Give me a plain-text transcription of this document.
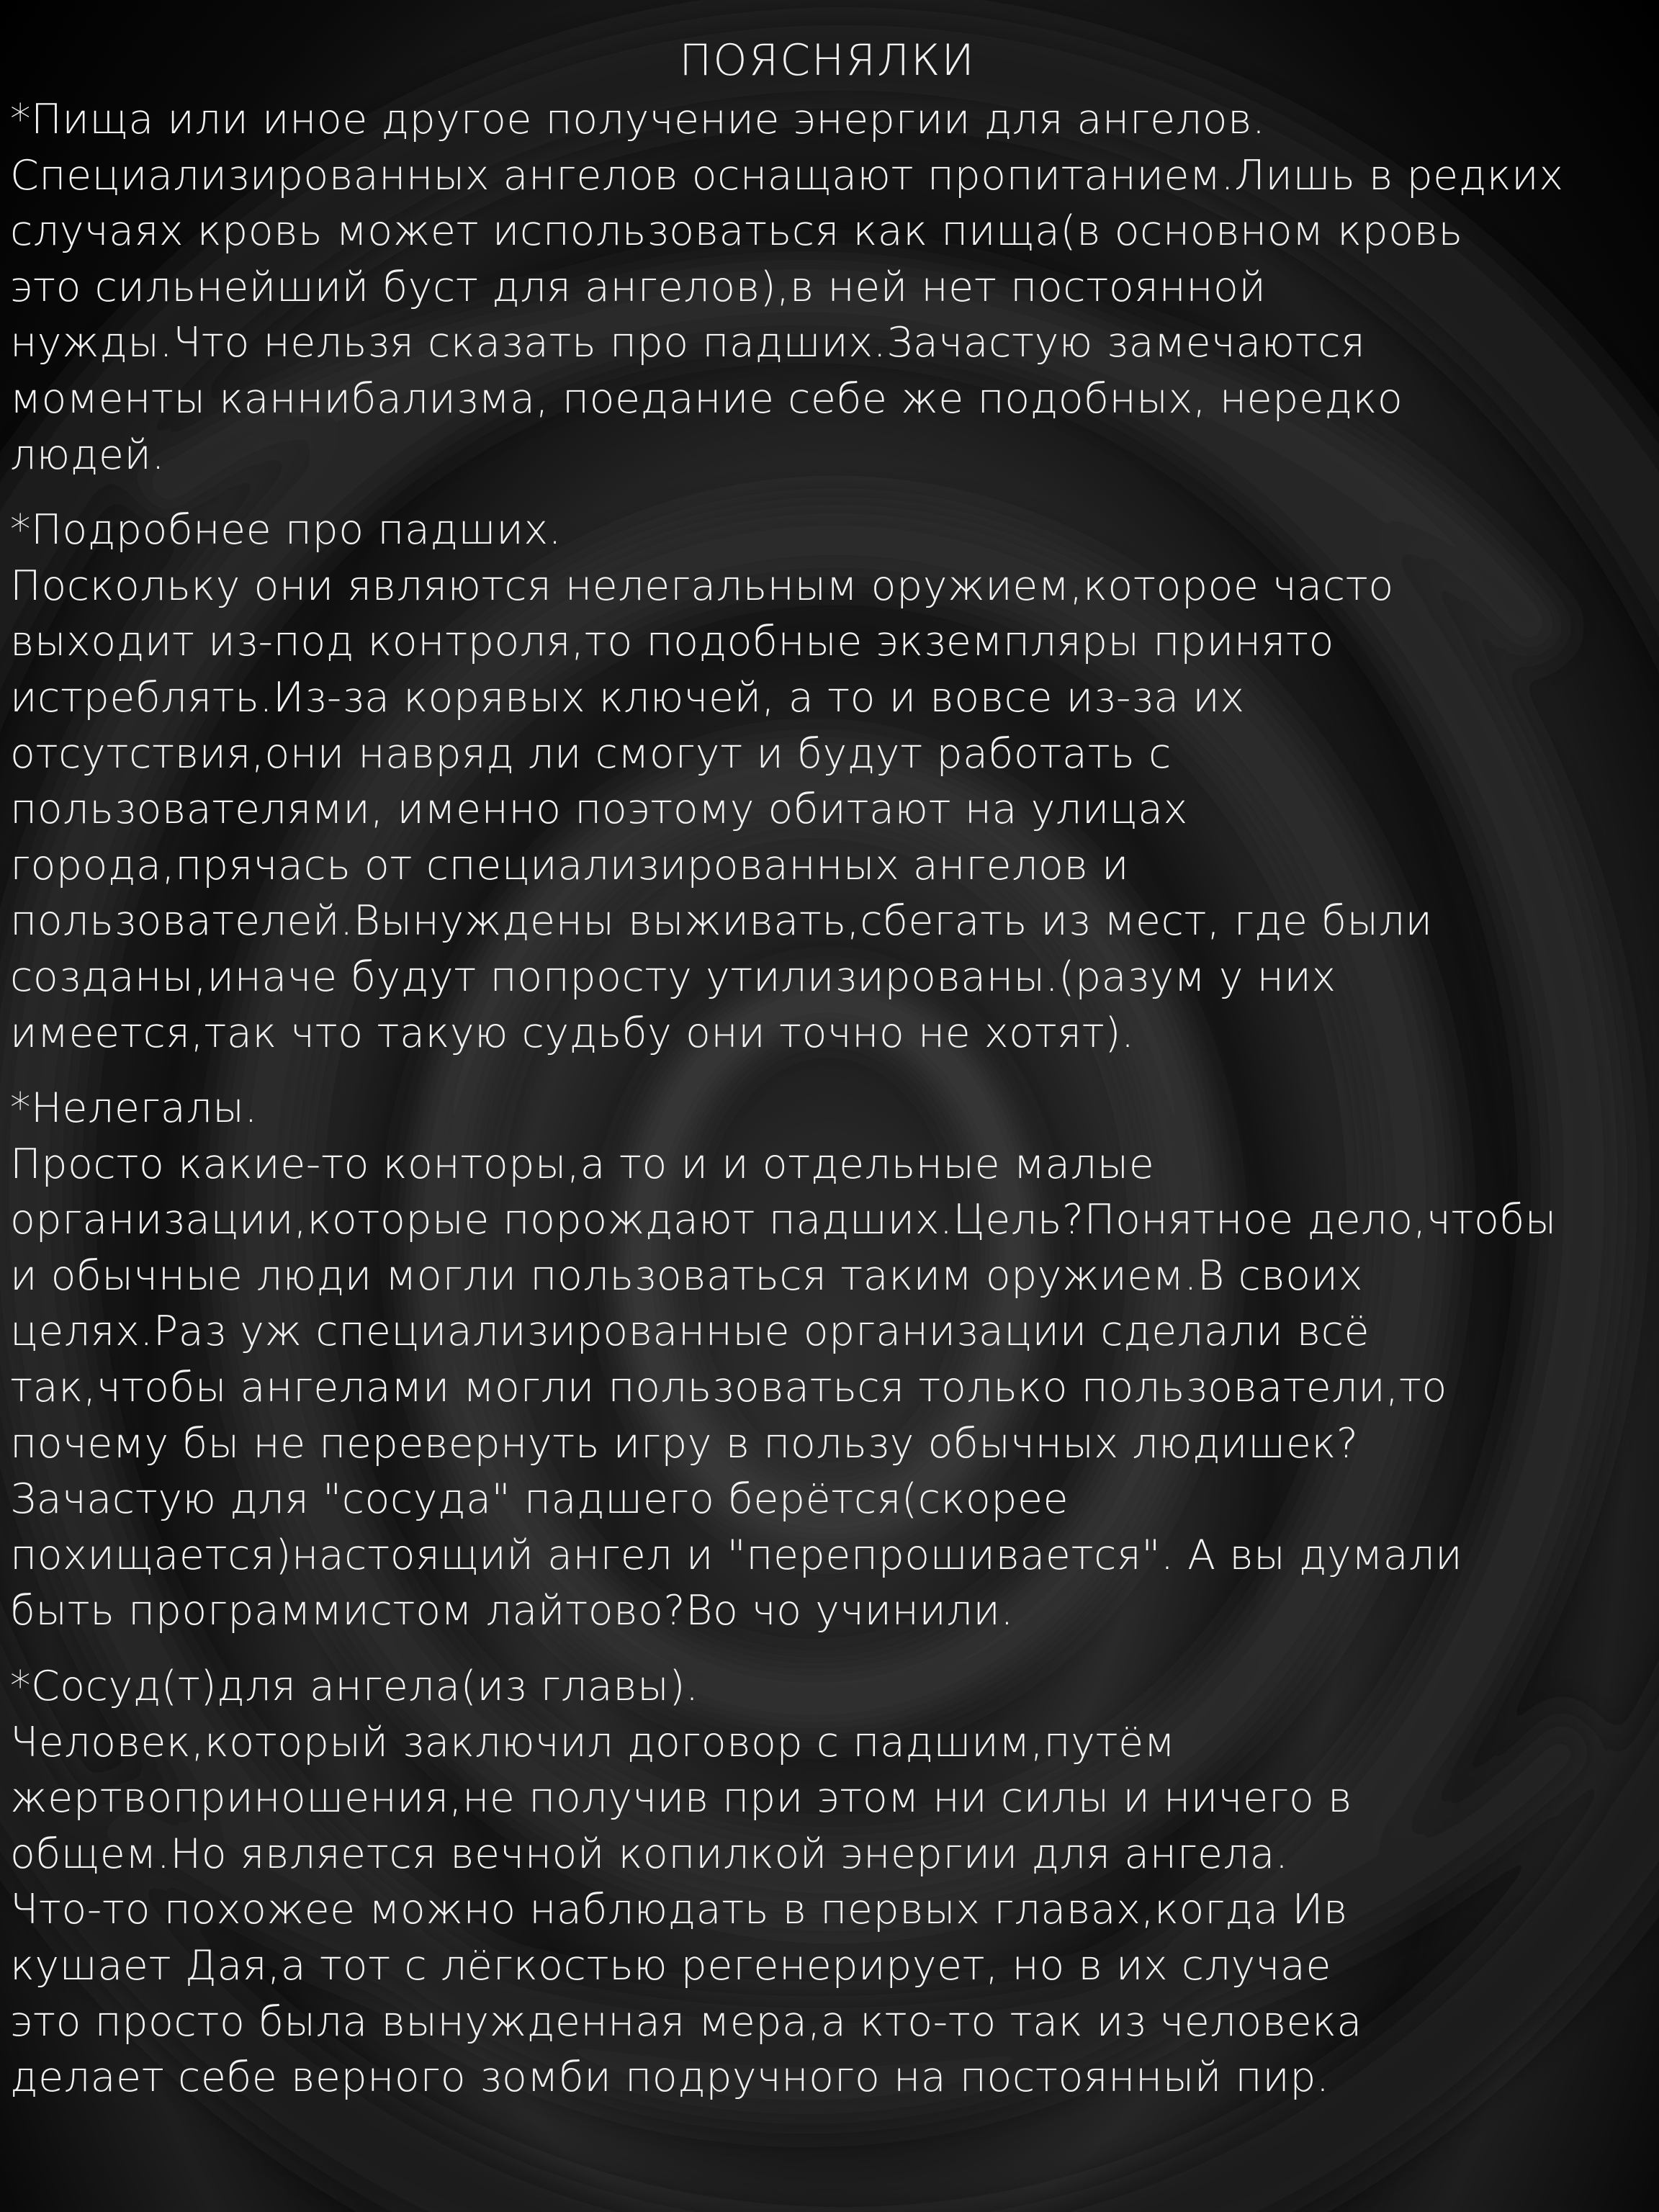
ПОЯСНЯЛКИ
*Пища или иное другое получение энергии для ангелов.
Специализированных ангелов оснащают пропитанием.Лишь в редких
случаях кровь может использоваться как пища(в основном кровь
это сильнейший буст для ангелов),в ней нет постоянной
нужды.Что нельзя сказать про падших.Зачастую замечаются
моменты каннибализма, поедание себе же подобных, нередко
людей.
*Подробнее про падших.
Поскольку они являются нелегальным оружием,которое часто
выходит из-под контроля,то подобные экземпляры принято
истреблять.Из-за корявых ключей, а то и вовсе из-за их
отсутствия,они навряд ли смогут и будут работать с
пользователями, именно поэтому обитают на улицах
города,прячась от специализированных ангелов и
пользователей.Вынуждены выживать,сбегать из мест, где были
созданы,иначе будут попросту утилизированы.(разум у них
имеется,так что такую судьбу они точно не хотят).
*Нелегалы.
Просто какие-то конторы,а то и и отдельные малые
организации,которые порождают падших.Цель?Понятное дело,чтобы
и обычные люди могли пользоваться таким оружием.В своих
целях.Раз уж специализированные организации сделали всё
так,чтобы ангелами могли пользоваться только пользователи,то
почему бы не перевернуть игру в пользу обычных людишек?
Зачастую для "сосуда" падшего берётся(скорее
похищается)настоящий ангел и "перепрошивается". А вы думали
быть программистом лайтово?Во чо учинили.
*Сосуд(т)для ангела(из главы).
Человек,который заключил договор с падшим,путём
жертвоприношения,не получив при этом ни силы и ничего в
общем.Но является вечной копилкой энергии для ангела.
Что-то похожее можно наблюдать в первых главах,когда Ив
кушает Дая,а тот с лёгкостью регенерирует, но в их случае
это просто была вынужденная мера,а кто-то так из человека
делает себе верного зомби подручного на постоянный пир.
